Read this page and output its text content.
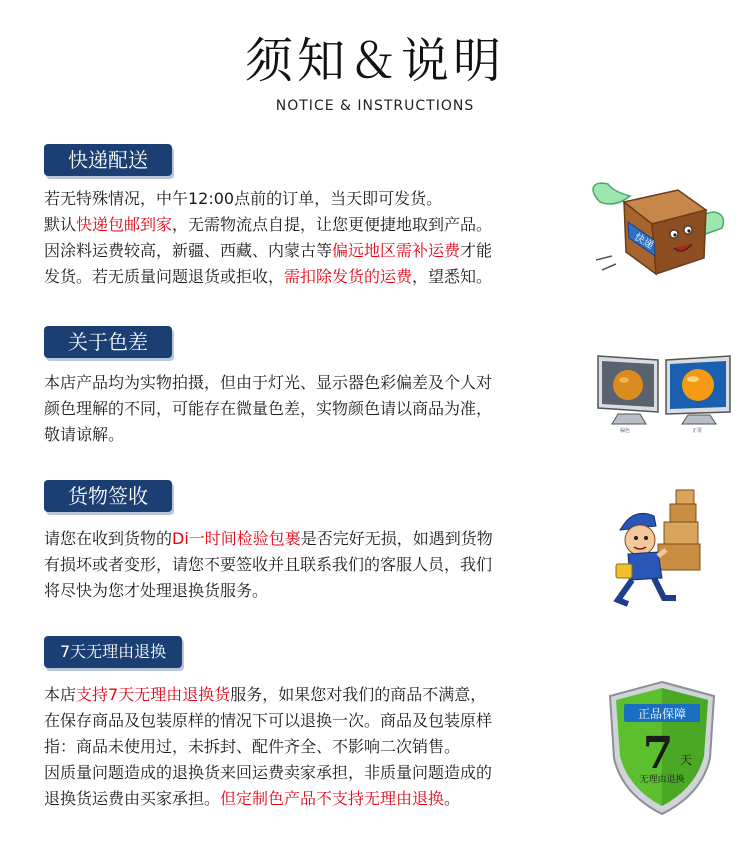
须知＆说明
NOTICE & INSTRUCTIONS
快递配送
若无特殊情况，中午12:00点前的订单，当天即可发货。
默认快递包邮到家，无需物流点自提，让您更便捷地取到产品。
因涂料运费较高，新疆、西藏、内蒙古等偏远地区需补运费才能
发货。若无质量问题退货或拒收，需扣除发货的运费，望悉知。
快递
关于色差
本店产品均为实物拍摄，但由于灯光、显示器色彩偏差及个人对
颜色理解的不同，可能存在微量色差，实物颜色请以商品为准，
敬请谅解。	偏色	正常
货物签收
请您在收到货物的Di一时间检验包裹是否完好无损，如遇到货物
有损坏或者变形，请您不要签收并且联系我们的客服人员，我们
将尽快为您才处理退换货服务。
7天无理由退换
本店支持7天无理由退换货服务，如果您对我们的商品不满意，
在保存商品及包装原样的情况下可以退换一次。商品及包装原样
指：商品未使用过，未拆封、配件齐全、不影响二次销售。
因质量问题造成的退换货来回运费卖家承担，非质量问题造成的
退换货运费由买家承担。但定制色产品不支持无理由退换。
正品保障
7 天
无理由退换
